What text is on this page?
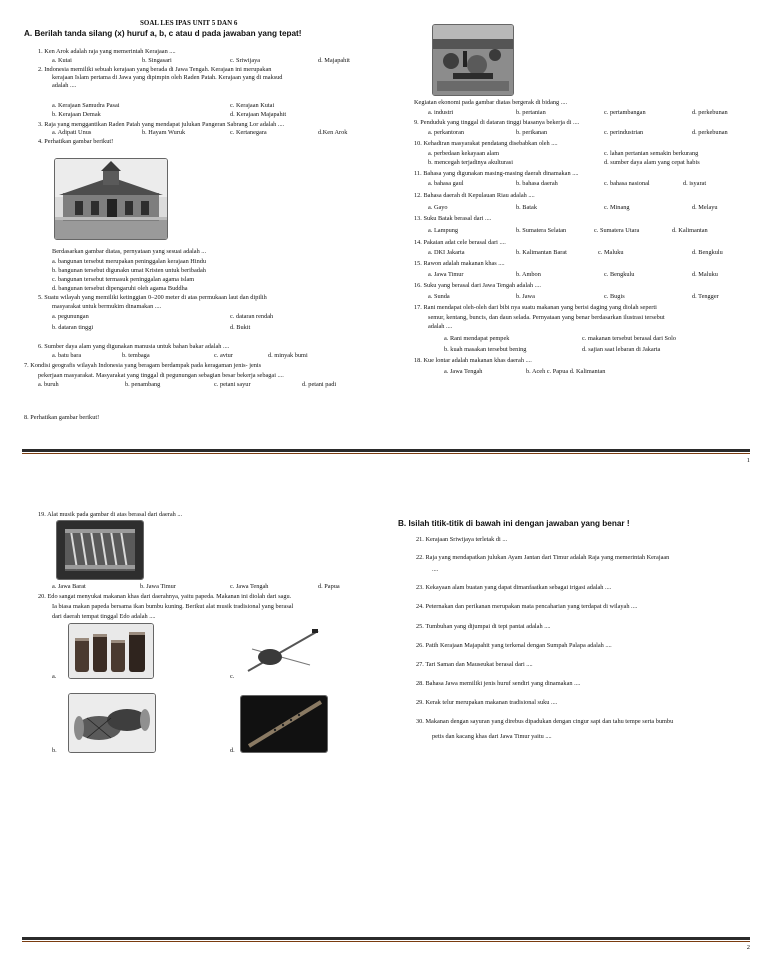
SOAL LES IPAS UNIT 5 DAN 6
A. Berilah tanda silang (x) huruf a, b, c atau d pada jawaban yang tepat!
1. Ken Arok adalah raja yang memerintah Kerajaan ....
a. Kutai	b. Singasari	c. Sriwijaya	d. Majapahit
2. Indonesia memiliki sebuah kerajaan yang berada di Jawa Tengah. Kerajaan ini merupakan
kerajaan Islam pertama di Jawa yang dipimpin oleh Raden Patah. Kerajaan yang di maksud
adalah ....
a. Kerajaan Samudra Pasai	c. Kerajaan Kutai
b. Kerajaan Demak	d. Kerajaan Majapahit
3. Raja yang menggantikan Raden Patah yang mendapat julukan Pangeran Sabrang Lor adalah ....
a. Adipati Unus	b. Hayam Wuruk	c. Kertanegara	d.Ken Arok
4. Perhatikan gambar berikut!
Berdasarkan gambar diatas, pernyataan yang sesuai adalah ...
a. bangunan tersebut merupakan peninggalan kerajaan Hindu
b. bangunan tersebut digunakn umat Kristen untuk beribadah
c. bangunan tersebut termasuk peninggalan agama islam
d. bangunan tersebut dipengaruhi oleh agama Buddha
5. Suatu wilayah yang memiliki ketinggian 0–200 meter di atas permukaan laut dan dipilih
masyarakat untuk bermukim dinamakan ....
a. pegunungan	c. dataran rendah
b. dataran tinggi	d. Bukit
6. Sumber daya alam yang digunakan manusia untuk bahan bakar adalah ....
a. batu bara	b. tembaga	c. avtur	d. minyak bumi
7. Kondisi geografis wilayah Indonesia yang beragam berdampak pada keragaman jenis- jenis
pekerjaan masyarakat. Masyarakat yang tinggal di pegunungan sebagian besar bekerja sebagai ....
a. buruh	b. penambang	c. petani sayur	d. petani padi
8. Perhatikan gambar berikut!
Kegiatan ekonomi pada gambar diatas bergerak di bidang ....
a. industri	b. pertanian	c. pertambangan	d. perkebunan
9. Penduduk yang tinggal di dataran tinggi biasanya bekerja di ....
a. perkantoran	b. perikanan	c. perindustrian	d. perkebunan
10. Kehadiran masyarakat pendatang disebabkan oleh ....
a. perbedaan kekayaan alam	c. lahan pertanian semakin berkurang
b. mencegah terjadinya akulturasi	d. sumber daya alam yang cepat habis
11. Bahasa yang digunakan masing-masing daerah dinamakan ....
a. bahasa gaul	b. bahasa daerah	c. bahasa nasional	d. isyarat
12. Bahasa daerah di Kepulauan Riau adalah ....
a. Gayo	b. Batak	c. Minang	d. Melayu
13. Suku Batak berasal dari ....
a. Lampung	b. Sumatera Selatan	c. Sumatera Utara	d. Kalimantan
14. Pakaian adat cele berasal dari ....
a. DKI Jakarta	b. Kalimantan Barat	c. Maluku	d. Bengkulu
15. Rawon adalah makanan khas ....
a. Jawa Timur	b. Ambon	c. Bengkulu	d. Maluku
16. Suku yang berasal dari Jawa Tengah adalah ....
a. Sunda	b. Jawa	c. Bugis	d. Tengger
17. Rani mendapat oleh-oleh dari bibi nya suatu makanan yang berisi daging yang diolah seperti
semur, kentang, buncis, dan daun selada. Pernyataan yang benar berdasarkan ilustrasi tersebut
adalah ....
a. Rani mendapat pempek	c. makanan tersebut berasal dari Solo
b. kuah masakan tersebut bening	d. sajian saat lebaran di Jakarta
18. Kue lontar adalah makanan khas daerah ....
a. Jawa Tengah	b. Aceh c. Papua d. Kalimantan
1
19. Alat musik pada gambar di atas berasal dari daerah ...
a. Jawa Barat	b. Jawa Timur	c. Jawa Tengah	d. Papua
20. Edo sangat menyukai makanan khas dari daerahnya, yaitu papeda. Makanan ini diolah dari sagu.
Ia biasa makan papeda bersama ikan bumbu kuning. Berikut alat musik tradisional yang berasal
dari daerah tempat tinggal Edo adalah ....
a.	c.
b.	d.
B. Isilah titik-titik di bawah ini dengan jawaban yang benar !
21. Kerajaan Sriwijaya terletak di ...
22. Raja yang mendapatkan julukan Ayam Jantan dari Timur adalah Raja yang memerintah Kerajaan
....
23. Kekayaan alam buatan yang dapat dimanfaatkan sebagai irigasi adalah ....
24. Peternakan dan perikanan merupakan mata pencaharian yang terdapat di wilayah ....
25. Tumbuhan yang dijumpai di tepi pantai adalah ....
26. Patih Kerajaan Majapahit yang terkenal dengan Sumpah Palapa adalah ....
27. Tari Saman dan Mauseukat berasal dari ....
28. Bahasa Jawa memiliki jenis huruf sendiri yang dinamakan ....
29. Kerak telur merupakan makanan tradisional suku ....
30. Makanan dengan sayuran yang direbus dipadukan dengan cingur sapi dan tahu tempe serta bumbu
petis dan kacang khas dari Jawa Timur yaitu ....
2
